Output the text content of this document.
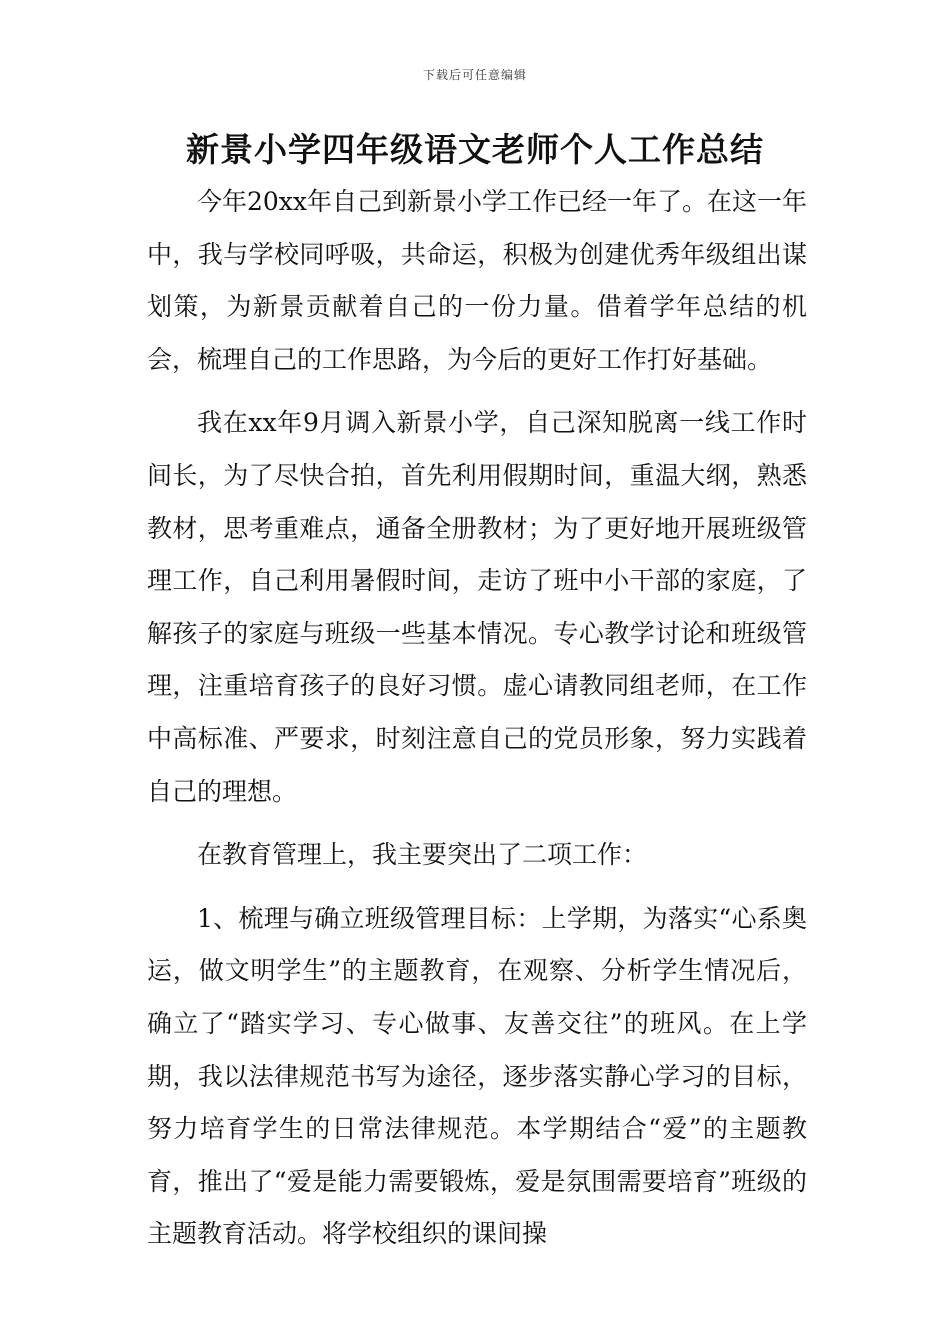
下载后可任意编辑
新景小学四年级语文老师个人工作总结

今年20xx年自己到新景小学工作已经一年了。在这一年中，我与学校同呼吸，共命运，积极为创建优秀年级组出谋划策，为新景贡献着自己的一份力量。借着学年总结的机会，梳理自己的工作思路，为今后的更好工作打好基础。

我在xx年9月调入新景小学，自己深知脱离一线工作时间长，为了尽快合拍，首先利用假期时间，重温大纲，熟悉教材，思考重难点，通备全册教材；为了更好地开展班级管理工作，自己利用暑假时间，走访了班中小干部的家庭，了解孩子的家庭与班级一些基本情况。专心教学讨论和班级管理，注重培育孩子的良好习惯。虚心请教同组老师，在工作中高标准、严要求，时刻注意自己的党员形象，努力实践着自己的理想。

在教育管理上，我主要突出了二项工作：

1、梳理与确立班级管理目标：上学期，为落实“心系奥运，做文明学生”的主题教育，在观察、分析学生情况后，确立了“踏实学习、专心做事、友善交往”的班风。在上学期，我以法律规范书写为途径，逐步落实静心学习的目标，努力培育学生的日常法律规范。本学期结合“爱”的主题教育，推出了“爱是能力需要锻炼，爱是氛围需要培育”班级的主题教育活动。将学校组织的课间操
